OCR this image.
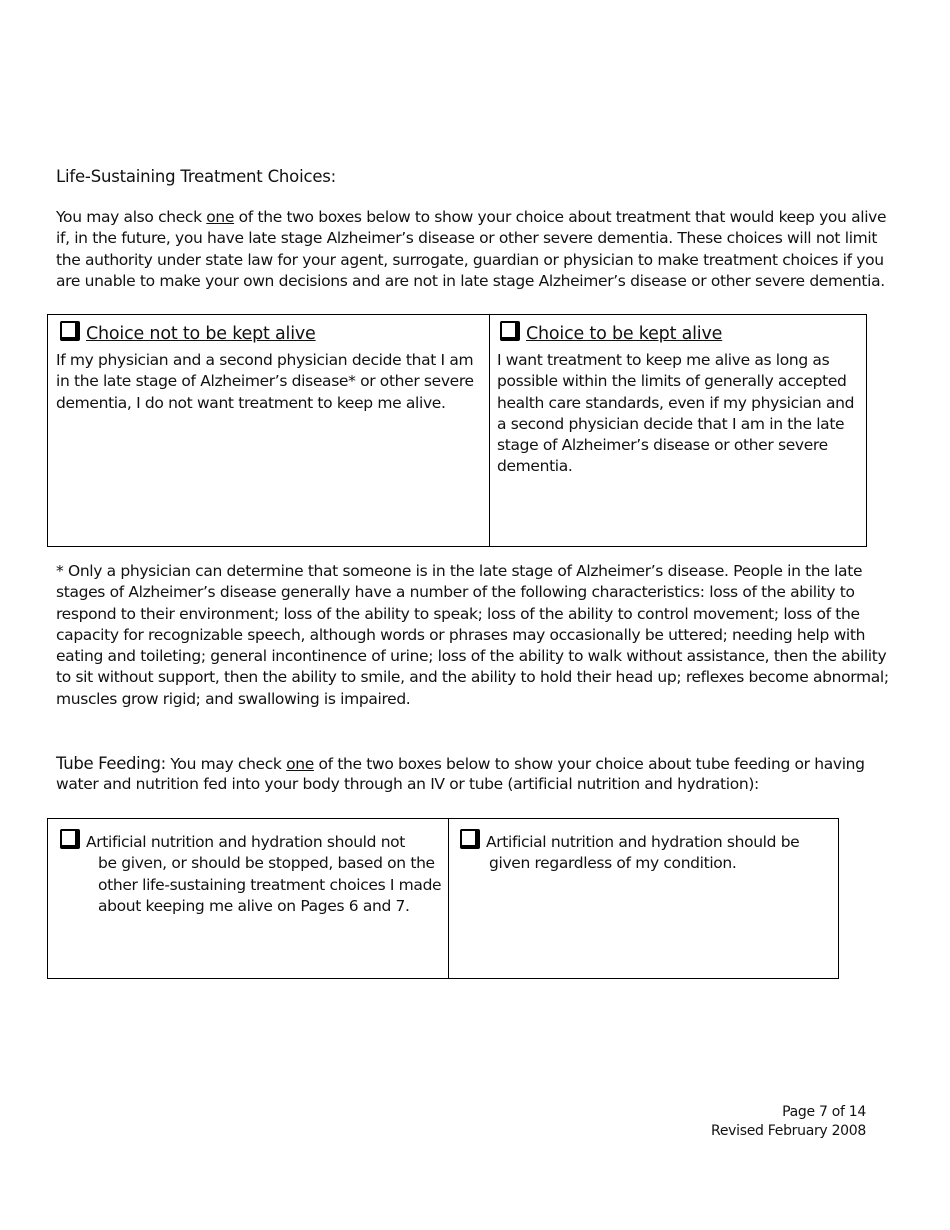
Life-Sustaining Treatment Choices:
You may also check one of the two boxes below to show your choice about treatment that would keep you alive
if, in the future, you have late stage Alzheimer’s disease or other severe dementia. These choices will not limit
the authority under state law for your agent, surrogate, guardian or physician to make treatment choices if you
are unable to make your own decisions and are not in late stage Alzheimer’s disease or other severe dementia.
Choice not to be kept alive
If my physician and a second physician decide that I am
in the late stage of Alzheimer’s disease* or other severe
dementia, I do not want treatment to keep me alive.
Choice to be kept alive
I want treatment to keep me alive as long as
possible within the limits of generally accepted
health care standards, even if my physician and
a second physician decide that I am in the late
stage of Alzheimer’s disease or other severe
dementia.
* Only a physician can determine that someone is in the late stage of Alzheimer’s disease. People in the late
stages of Alzheimer’s disease generally have a number of the following characteristics: loss of the ability to
respond to their environment; loss of the ability to speak; loss of the ability to control movement; loss of the
capacity for recognizable speech, although words or phrases may occasionally be uttered; needing help with
eating and toileting; general incontinence of urine; loss of the ability to walk without assistance, then the ability
to sit without support, then the ability to smile, and the ability to hold their head up; reflexes become abnormal;
muscles grow rigid; and swallowing is impaired.
Tube Feeding: You may check one of the two boxes below to show your choice about tube feeding or having
water and nutrition fed into your body through an IV or tube (artificial nutrition and hydration):
Artificial nutrition and hydration should not
be given, or should be stopped, based on the
other life-sustaining treatment choices I made
about keeping me alive on Pages 6 and 7.
Artificial nutrition and hydration should be
given regardless of my condition.
Page 7 of 14
Revised February 2008
